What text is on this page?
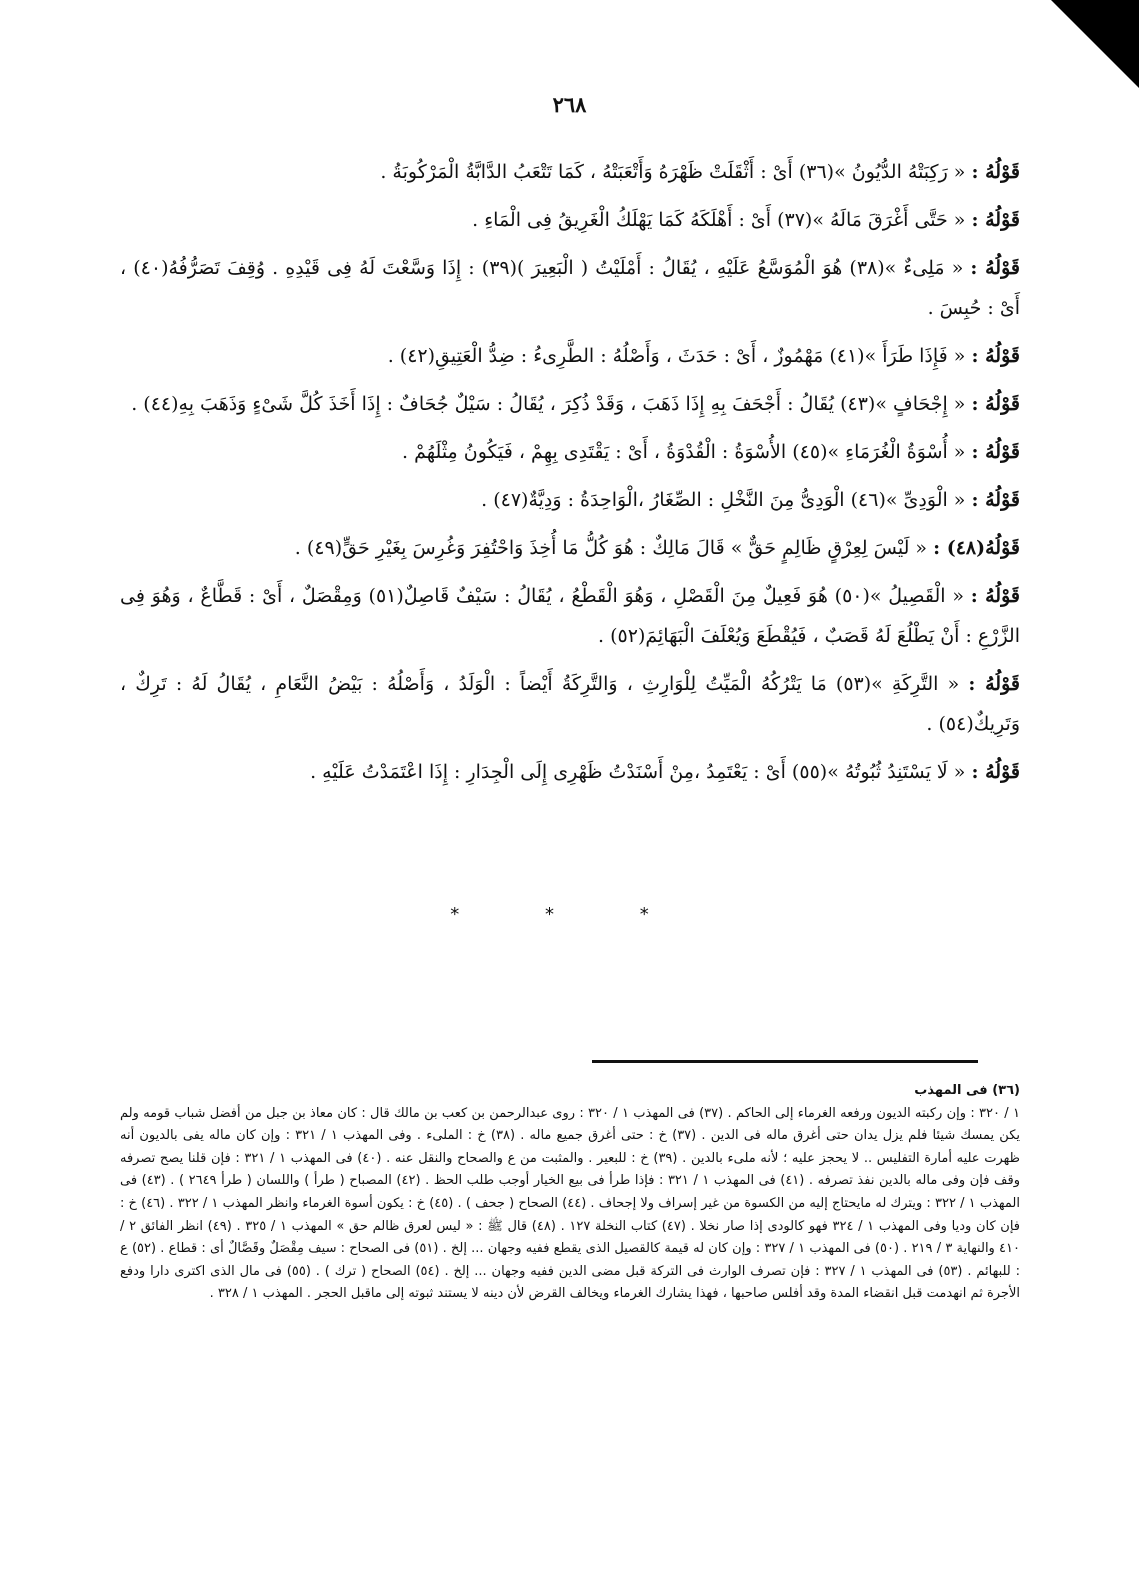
٢٦٨

قَوْلُهُ : « رَكِبَتْهُ الدُّيُونُ »(٣٦) أَىْ : أَثْقَلَتْ ظَهْرَهُ وَأَتْعَبَتْهُ ، كَمَا تَتْعَبُ الدَّابَّةُ الْمَرْكُوبَةُ .

قَوْلُهُ : « حَتَّى أَغْرَقَ مَالَهُ »(٣٧) أَىْ : أَهْلَكَهُ كَمَا يَهْلَكُ الْغَرِيقُ فِى الْمَاءِ .

قَوْلُهُ : « مَلِىءٌ »(٣٨) هُوَ الْمُوَسَّعُ عَلَيْهِ ، يُقَالُ : أَمْلَيْتُ ( الْبَعِيرَ )(٣٩) : إِذَا وَسَّعْتَ لَهُ فِى قَيْدِهِ . وُقِفَ تَصَرُّفُهُ(٤٠) ، أَىْ : حُبِسَ .

قَوْلُهُ : « فَإِذَا طَرَأَ »(٤١) مَهْمُوزٌ ، أَىْ : حَدَثَ ، وَأَصْلُهُ : الطَّرِىءُ : ضِدُّ الْعَتِيقِ(٤٢) .

قَوْلُهُ : « إِجْحَافٍ »(٤٣) يُقَالُ : أَجْحَفَ بِهِ إِذَا ذَهَبَ ، وَقَدْ ذُكِرَ ، يُقَالُ : سَيْلٌ جُحَافٌ : إِذَا أَخَذَ كُلَّ شَىْءٍ وَذَهَبَ بِهِ(٤٤) .

قَوْلُهُ : « أُسْوَةُ الْغُرَمَاءِ »(٤٥) الأُسْوَةُ : الْقُدْوَةُ ، أَىْ : يَقْتَدِى بِهِمْ ، فَيَكُونُ مِثْلَهُمْ .

قَوْلُهُ : « الْوَدِىِّ »(٤٦) الْوَدِىُّ مِنَ النَّخْلِ : الصِّغَارُ ،الْوَاحِدَةُ : وَدِيَّةٌ(٤٧) .

قَوْلُهُ(٤٨) : « لَيْسَ لِعِرْقٍ ظَالِمٍ حَقٌّ » قَالَ مَالِكٌ : هُوَ كُلُّ مَا أُخِذَ وَاحْتُفِرَ وَغُرِسَ بِغَيْرِ حَقٍّ(٤٩) .

قَوْلُهُ : « الْقَصِيلُ »(٥٠) هُوَ فَعِيلٌ مِنَ الْقَصْلِ ، وَهُوَ الْقَطْعُ ، يُقَالُ : سَيْفٌ قَاصِلٌ(٥١) وَمِقْصَلٌ ، أَىْ : قَطَّاعٌ ، وَهُوَ فِى الزَّرْعِ : أَنْ يَطْلُعَ لَهُ قَصَبٌ ، فَيُقْطَعَ وَيُعْلَفَ الْبَهَائِمَ(٥٢) .

قَوْلُهُ : « التَّرِكَةِ »(٥٣) مَا يَتْرُكُهُ الْمَيِّتُ لِلْوَارِثِ ، وَالتَّرِكَةُ أَيْضاً : الْوَلَدُ ، وَأَصْلُهُ : بَيْضُ النَّعَامِ ، يُقَالُ لَهُ : تَرِكٌ ، وَتَرِيكٌ(٥٤) .

قَوْلُهُ : « لَا يَسْتَنِدُ ثُبُوتُهُ »(٥٥) أَىْ : يَعْتَمِدُ ،مِنْ أَسْنَدْتُ ظَهْرِى إِلَى الْجِدَارِ : إِذَا اعْتَمَدْتُ عَلَيْهِ .

* * *

(٣٦) فى المهذب

١ / ٣٢٠ : وإن ركبته الديون ورفعه الغرماء إلى الحاكم . (٣٧) فى المهذب ١ / ٣٢٠ : روى عبدالرحمن بن كعب بن مالك قال : كان معاذ بن جبل من أفضل شباب قومه ولم يكن يمسك شيئا فلم يزل يدان حتى أغرق ماله فى الدين . (٣٧) خ : حتى أغرق جميع ماله . (٣٨) خ : الملىء . وفى المهذب ١ / ٣٢١ : وإن كان ماله يفى بالديون أنه ظهرت عليه أمارة التفليس .. لا يحجز عليه ؛ لأنه ملىء بالدين . (٣٩) خ : للبعير . والمثبت من ع والصحاح والنقل عنه . (٤٠) فى المهذب ١ / ٣٢١ : فإن قلنا يصح تصرفه وقف فإن وفى ماله بالدين نفذ تصرفه . (٤١) فى المهذب ١ / ٣٢١ : فإذا طرأ فى بيع الخيار أوجب طلب الحظ . (٤٢) المصباح ( طرأ ) واللسان ( طرأ ٢٦٤٩ ) . (٤٣) فى المهذب ١ / ٣٢٢ : ويترك له مايحتاج إليه من الكسوة من غير إسراف ولا إجحاف . (٤٤) الصحاح ( جحف ) . (٤٥) خ : يكون أسوة الغرماء وانظر المهذب ١ / ٣٢٢ . (٤٦) خ : فإن كان وديا وفى المهذب ١ / ٣٢٤ فهو كالودى إذا صار نخلا . (٤٧) كتاب النخلة ١٢٧ . (٤٨) قال ﷺ : « ليس لعرق ظالم حق » المهذب ١ / ٣٢٥ . (٤٩) انظر الفائق ٢ / ٤١٠ والنهاية ٣ / ٢١٩ . (٥٠) فى المهذب ١ / ٣٢٧ : وإن كان له قيمة كالقصيل الذى يقطع ففيه وجهان ... إلخ . (٥١) فى الصحاح : سيف مِقْصَلٌ وقَصَّالٌ أى : قطاع . (٥٢) ع : للبهائم . (٥٣) فى المهذب ١ / ٣٢٧ : فإن تصرف الوارث فى التركة قبل مضى الدين ففيه وجهان ... إلخ . (٥٤) الصحاح ( ترك ) . (٥٥) فى مال الذى اكترى دارا ودفع الأجرة ثم انهدمت قبل انقضاء المدة وقد أفلس صاحبها ، فهذا يشارك الغرماء ويخالف القرض لأن دينه لا يستند ثبوته إلى ماقبل الحجر . المهذب ١ / ٣٢٨ .
